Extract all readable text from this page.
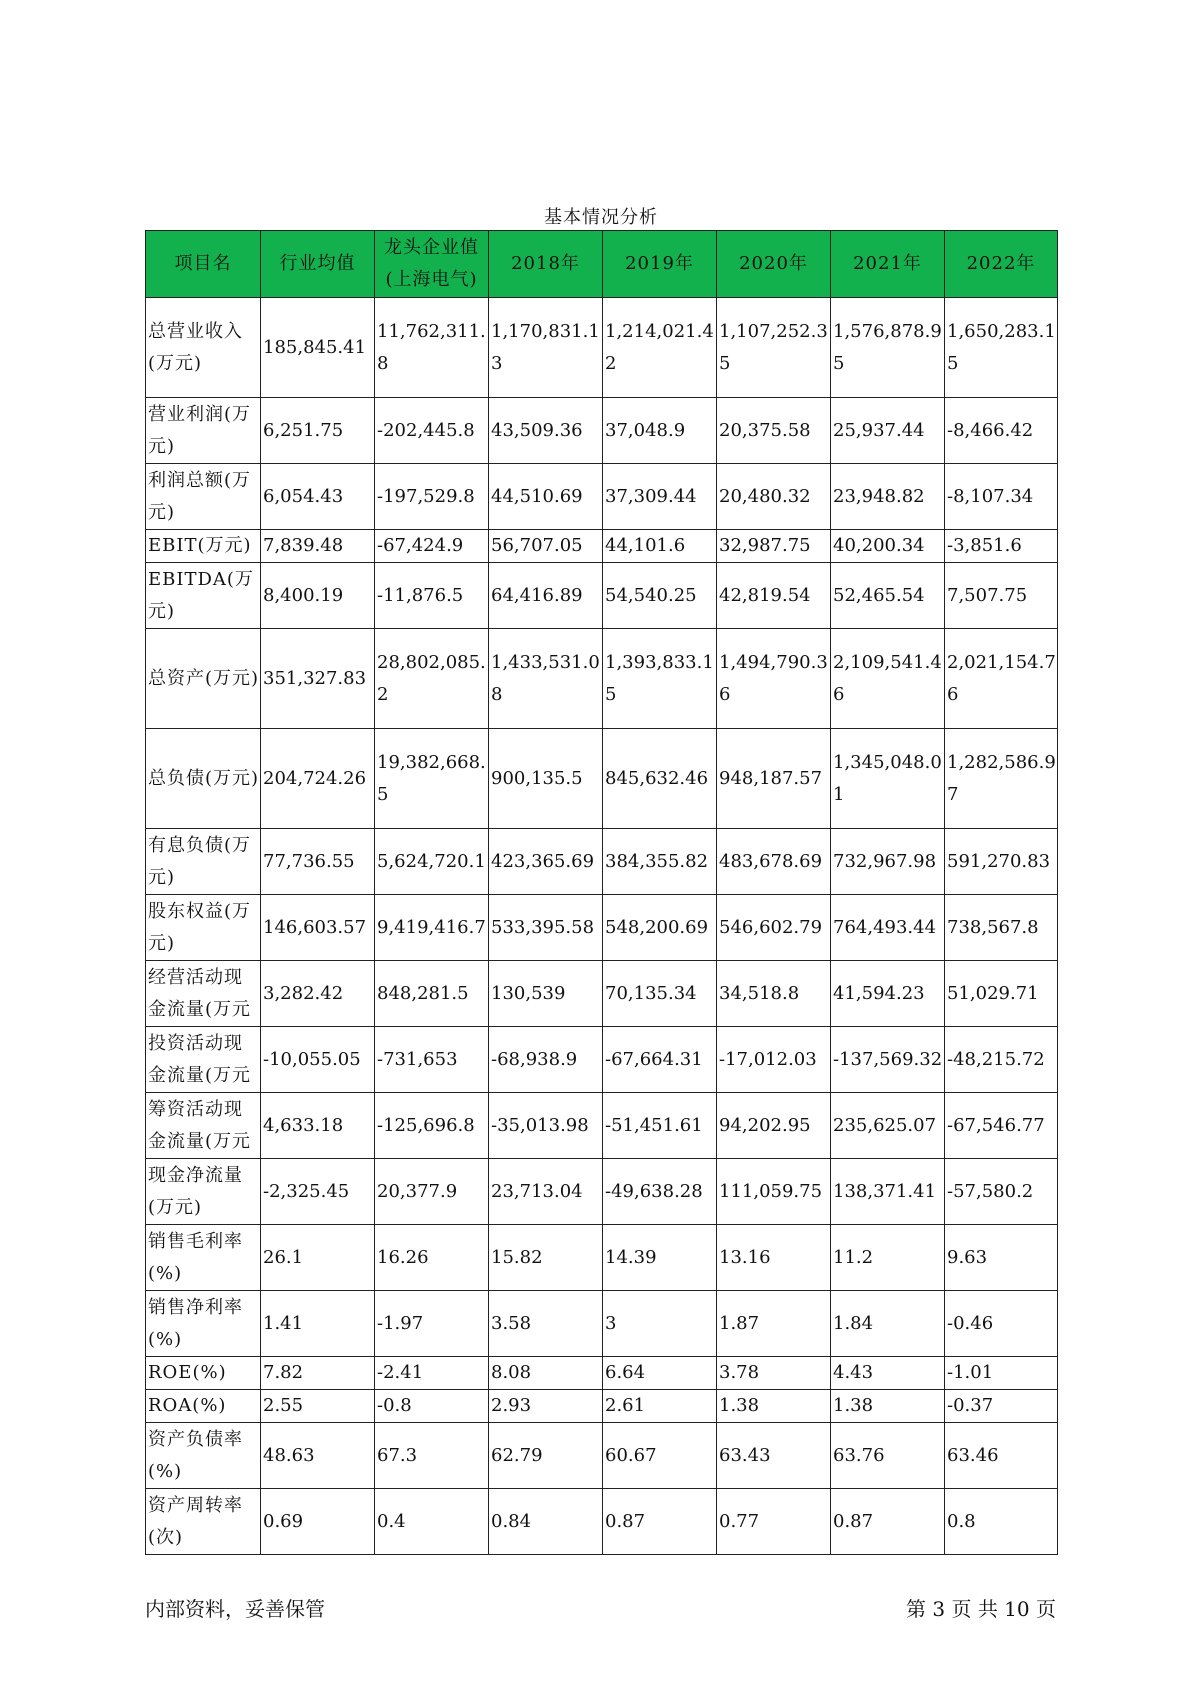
基本情况分析
项目名	行业均值	龙头企业值(上海电气)	2018年	2019年	2020年	2021年	2022年
总营业收入(万元)	185,845.41	11,762,311.8	1,170,831.13	1,214,021.42	1,107,252.35	1,576,878.95	1,650,283.15
营业利润(万元)	6,251.75	-202,445.8	43,509.36	37,048.9	20,375.58	25,937.44	-8,466.42
利润总额(万元)	6,054.43	-197,529.8	44,510.69	37,309.44	20,480.32	23,948.82	-8,107.34
EBIT(万元)	7,839.48	-67,424.9	56,707.05	44,101.6	32,987.75	40,200.34	-3,851.6
EBITDA(万元)	8,400.19	-11,876.5	64,416.89	54,540.25	42,819.54	52,465.54	7,507.75
总资产(万元)	351,327.83	28,802,085.2	1,433,531.08	1,393,833.15	1,494,790.36	2,109,541.46	2,021,154.76
总负债(万元)	204,724.26	19,382,668.5	900,135.5	845,632.46	948,187.57	1,345,048.01	1,282,586.97
有息负债(万元)	77,736.55	5,624,720.1	423,365.69	384,355.82	483,678.69	732,967.98	591,270.83
股东权益(万元)	146,603.57	9,419,416.7	533,395.58	548,200.69	546,602.79	764,493.44	738,567.8
经营活动现金流量(万元	3,282.42	848,281.5	130,539	70,135.34	34,518.8	41,594.23	51,029.71
投资活动现金流量(万元	-10,055.05	-731,653	-68,938.9	-67,664.31	-17,012.03	-137,569.32	-48,215.72
筹资活动现金流量(万元	4,633.18	-125,696.8	-35,013.98	-51,451.61	94,202.95	235,625.07	-67,546.77
现金净流量(万元)	-2,325.45	20,377.9	23,713.04	-49,638.28	111,059.75	138,371.41	-57,580.2
销售毛利率(%)	26.1	16.26	15.82	14.39	13.16	11.2	9.63
销售净利率(%)	1.41	-1.97	3.58	3	1.87	1.84	-0.46
ROE(%)	7.82	-2.41	8.08	6.64	3.78	4.43	-1.01
ROA(%)	2.55	-0.8	2.93	2.61	1.38	1.38	-0.37
资产负债率(%)	48.63	67.3	62.79	60.67	63.43	63.76	63.46
资产周转率(次)	0.69	0.4	0.84	0.87	0.77	0.87	0.8
内部资料，妥善保管	第 3 页 共 10 页
